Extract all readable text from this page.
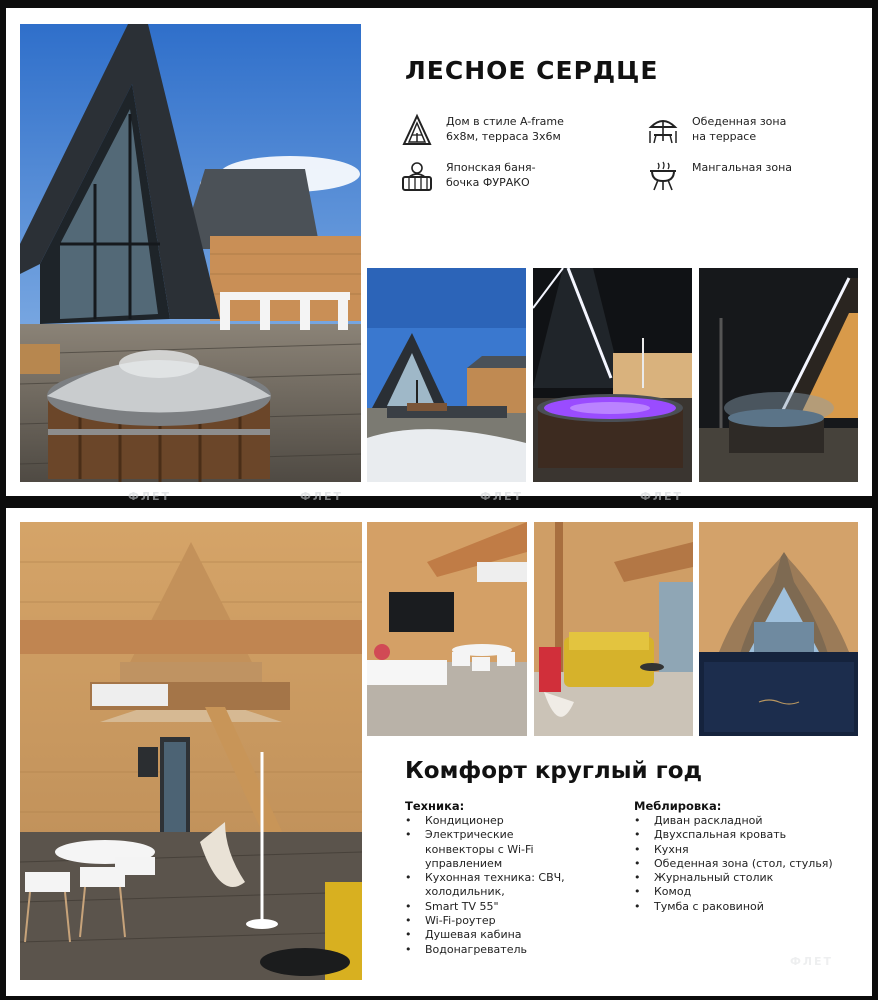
ЛЕСНОЕ СЕРДЦЕ
Дом в стиле A-frame
6х8м, терраса 3х6м
Обеденная зона
на террасе
Японская баня-
бочка ФУРАКО
Мангальная зона
ФЛЕТ	ФЛЕТ	ФЛЕТ	ФЛЕТ
Комфорт круглый год
Техника:
• Кондиционер
• Электрические
конвекторы с Wi-Fi
управлением
• Кухонная техника: СВЧ,
холодильник,
• Smart TV 55"
• Wi-Fi-роутер
• Душевая кабина
• Водонагреватель
Меблировка:
• Диван раскладной
• Двухспальная кровать
• Кухня
• Обеденная зона (стол, стулья)
• Журнальный столик
• Комод
• Тумба с раковиной
ФЛЕТ
